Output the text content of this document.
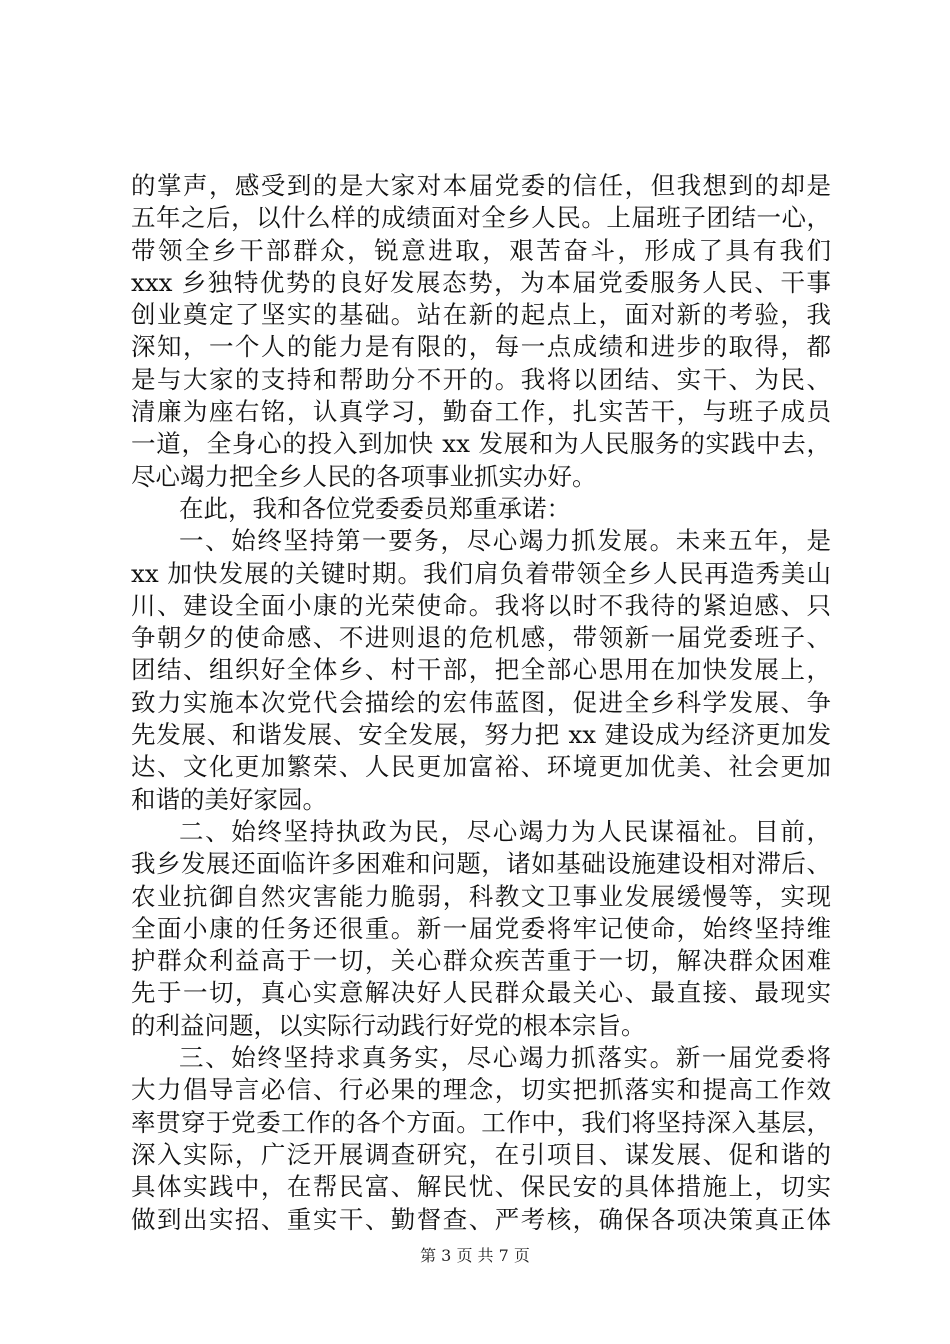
的掌声，感受到的是大家对本届党委的信任，但我想到的却是
五年之后，以什么样的成绩面对全乡人民。上届班子团结一心，
带领全乡干部群众，锐意进取，艰苦奋斗，形成了具有我们
xxx 乡独特优势的良好发展态势，为本届党委服务人民、干事
创业奠定了坚实的基础。站在新的起点上，面对新的考验，我
深知，一个人的能力是有限的，每一点成绩和进步的取得，都
是与大家的支持和帮助分不开的。我将以团结、实干、为民、
清廉为座右铭，认真学习，勤奋工作，扎实苦干，与班子成员
一道，全身心的投入到加快 xx 发展和为人民服务的实践中去，
尽心竭力把全乡人民的各项事业抓实办好。
在此，我和各位党委委员郑重承诺：
一、始终坚持第一要务，尽心竭力抓发展。未来五年，是
xx 加快发展的关键时期。我们肩负着带领全乡人民再造秀美山
川、建设全面小康的光荣使命。我将以时不我待的紧迫感、只
争朝夕的使命感、不进则退的危机感，带领新一届党委班子、
团结、组织好全体乡、村干部，把全部心思用在加快发展上，
致力实施本次党代会描绘的宏伟蓝图，促进全乡科学发展、争
先发展、和谐发展、安全发展，努力把 xx 建设成为经济更加发
达、文化更加繁荣、人民更加富裕、环境更加优美、社会更加
和谐的美好家园。
二、始终坚持执政为民，尽心竭力为人民谋福祉。目前，
我乡发展还面临许多困难和问题，诸如基础设施建设相对滞后、
农业抗御自然灾害能力脆弱，科教文卫事业发展缓慢等，实现
全面小康的任务还很重。新一届党委将牢记使命，始终坚持维
护群众利益高于一切，关心群众疾苦重于一切，解决群众困难
先于一切，真心实意解决好人民群众最关心、最直接、最现实
的利益问题，以实际行动践行好党的根本宗旨。
三、始终坚持求真务实，尽心竭力抓落实。新一届党委将
大力倡导言必信、行必果的理念，切实把抓落实和提高工作效
率贯穿于党委工作的各个方面。工作中，我们将坚持深入基层，
深入实际，广泛开展调查研究，在引项目、谋发展、促和谐的
具体实践中，在帮民富、解民忧、保民安的具体措施上，切实
做到出实招、重实干、勤督查、严考核，确保各项决策真正体
第 3 页 共 7 页
